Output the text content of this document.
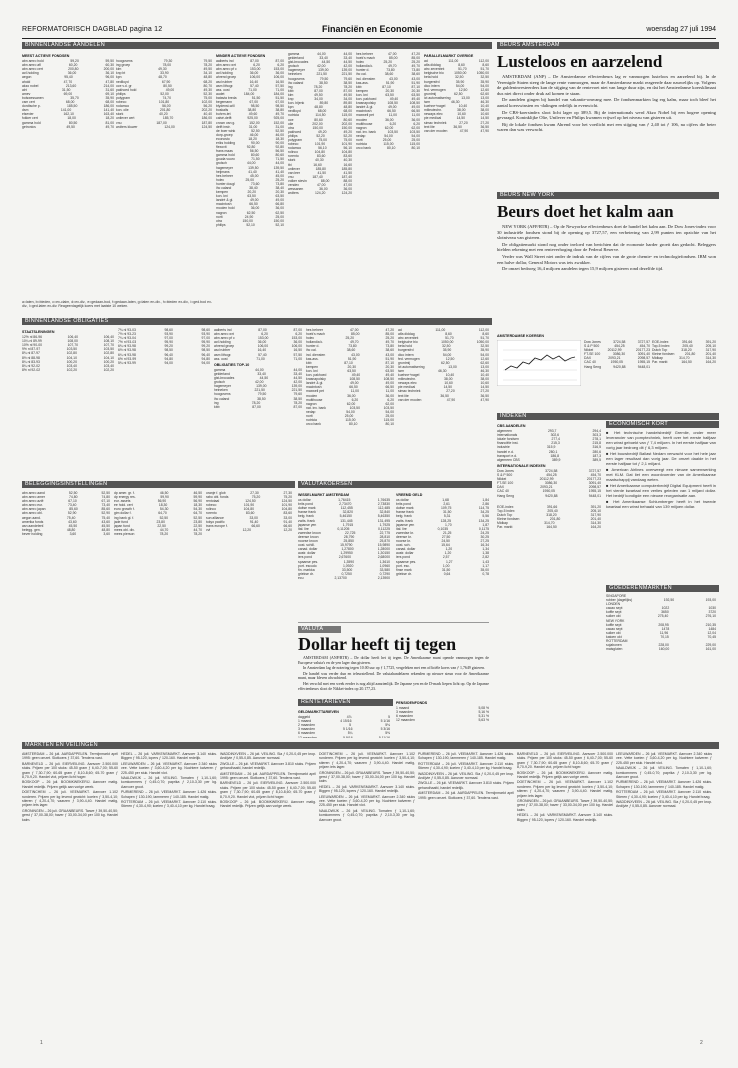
REFORMATORISCH DAGBLAD pagina 12	Financiën en Economie	woensdag 27 juli 1994
BINNENLANDSE AANDELEN
MEEST ACTIEVE FONDSEN
abn amro hold	59,20	59,50
abn amro afl	60,20	60,30
abn amro cert	200,80	200,00
acf-holding	36,00	36,10
aegon	95,40	96,00
ahold	47,70	47,80
akzo nobel	213,60	214,00
alrt	31,50	31,60
amev	69,00	69,10
bolswessanen	35,70	35,90
csm cert	68,00	68,00
dordtsche p.	185,50	186,00
dsm	141,00	141,40
elsevier	162,10	163,40
fokker cert	18,00	18,20
gamma hold	80,50	81,00
getronics	49,50	49,70

hoogovens	79,30	79,50
ing groep	78,00	78,20
klm	49,30	49,50
knp bt	33,90	34,10
kpn	48,70	48,80
nedlloyd	67,90	68,20
oce v.d. gr	80,50	80,70
pakhoed hold	49,00	49,30
philips	52,00	52,30
polygram	74,70	75,00
robeco	101,80	102,00
rodamco	56,00	56,20
kon. olie	201,80	202,20
stork	40,20	40,40
unilever cert	185,70	186,00
vnu	187,00	187,80
wolters kluwer	124,00	124,50
MINDER ACTIEVE FONDSEN
aalberts ind	87,00	87,00
abn amro wrt	6,20	6,20
abn amro pf c	153,00	153,00
acf-holding	36,00	36,00
ahrend groep	106,00	106,00
asd rubber	16,40	16,50
asm lithogr.	57,40	57,50
ass. oost	71,00	71,00
audet	184,00	184,00
batavia breda	51,50	51,50
begemann	67,00	67,00
blydenst-will	98,50	98,50
boskalis	38,80	38,80
buhrm-tet	49,60	49,70
calvé-delft	925,00	925,00
crown van g.	152,00	152,00
delft instr.	31,00	31,00
de boer wink	52,50	52,50
dorp-groep	46,00	46,00
econosto	18,20	18,30
eriks holding	90,00	90,00
flexovit	92,80	92,80
frans maas	56,50	56,50
gamma hold	80,60	80,60
gouda vuurv.	71,50	71,50
grolsch	44,00	44,00
hagemeyer	139,50	139,50
heijmans	41,40	41,40
hes beheer	45,00	45,00
holec	25,00	25,20
hunter dougl	73,60	73,80
ihc caland	38,40	38,40
kempen	20,20	20,30
kon. kni	63,50	63,50
landré & gl.	49,00	49,00
macintosh	66,50	66,80
moolen hold	36,00	36,00
nagron	62,50	62,50
norit	24,90	25,00
otra	150,00	150,00
philips	52,10	52,10
gamma	44,00	44,00
gelderland	33,40	33,40
gist-brocades	44,50	44,50
grolsch	42,00	42,00
hagemeyer	139,00	139,00
heineken	221,50	221,50
hoogovens	79,50	79,60
ihc caland	38,50	38,50
ing	78,20	78,20
kbb	87,00	87,00
klm	49,50	49,50
knp	34,00	34,00
kon. bijenk	89,80	89,80
kpn	48,80	48,80
nedlloyd	68,00	68,00
nutricia	114,50	115,00
oce	80,60	80,60
olie	202,00	202,00
otra	150,00	150,00
pakhoed	49,20	49,20
philips	52,20	52,20
polygram	75,00	75,00
robeco	101,90	101,90
rodamco	56,10	56,10
rolinco	104,80	104,80
rorento	83,60	83,60
stork	40,30	40,30
tbi	16,60	16,60
unilever	185,80	185,80
van leer	41,50	41,50
vnu	187,40	187,40
volker stevin	88,00	88,00
vendex	47,00	47,00
wessanen	36,00	36,00
wolters	124,20	124,20
hes beheer	47,00	47,20
hoek's mach	85,00	85,00
holec	25,20	25,20
hollandia k.	49,70	49,70
hunter d.	73,80	73,80
ihc cal.	38,60	38,60
ind. diensten	43,00	43,00
kas-ass.	51,90	51,90
kbb	87,10	87,10
kempen	20,30	20,30
kon. kni	63,50	63,50
kon. pakhoed	49,40	49,40
krasnapolsky	108,50	108,50
landré & gl.	49,00	49,00
macintosh	66,50	66,50
maxwell pet	11,00	11,00
moolen	36,00	36,00
multihouse	6,20	6,20
nagron	62,00	62,00
nat. inv. bank	103,50	103,50
nedap	54,00	54,00
norit	25,00	25,00
nutricia	115,00	115,00
orco bank	80,10	80,10
PARALLELMARKT OVERIGE
ad	111,00	112,00
alfa diddag	8,60	8,60
atrc zevenbnt	51,70	51,70
belgische bio	1050,00	1050,00
beta hold	32,50	32,50
burgersfrd	35,90	35,90
dico intern	54,00	54,00
fed. vermogen	12,50	12,60
grontmij	62,50	62,60
ict automatisering	13,00	13,00
iwm	46,30	46,30
kuehne+nagel	10,40	10,40
milieutechn.	38,00	38,00
neways elec	10,60	10,60
pie medical	14,50	14,50
simac techniek	27,20	27,20
text lite	36,50	36,50
van der moolen	47,90	47,90
a=laten, b=bieden, c=ex-claim, d=ex-div., e=gedaan-bod, f=gedaan-laten, g=laten en-div., h=bieden ex-div., i=ged.bod ex-div., l=ged.laten ex-div. Reageerdagelijk koers met laatste 10 weken.
BINNENLANDSE OBLIGATIES
STAATSLENINGEN
12% nl 86-96	106,40	106,40
10¼ nl 89-99	108,00	108,10
10% nl 90-00	107,70	107,70
9% nl 87-97	103,50	103,50
8¾ nl 87-97	102,80	102,80
8½ nl 88-98	104,10	104,10
8¼ nl 83-93	100,20	100,20
8¼ nl 92-02	103,40	103,40
8% nl 92-02	102,20	102,20
7¾ nl 93-03	98,60	98,60
7½ nl 93-23	93,90	93,90
7¼ nl 93-04	97,00	97,00
7% nl 93-03	95,90	95,90
6¾ nl 93-98	99,20	99,20
6½ nl 93-98	98,50	98,50
6¼ nl 93-98	96,40	96,40
6% nl 93-99	94,80	94,80
5¾ nl 93-99	94,00	94,00
aalberts ind	87,00	87,00
abn amro wrt	6,20	6,20
abn amro pf c	153,00	153,00
acf-holding	36,00	36,00
ahrend groep	106,00	106,00
asd rubber	16,40	16,50
asm lithogr.	57,40	57,50
ass. oost	71,00	71,00
OBLIGATIES TOP-10
gamma	44,00	44,00
gelderland	33,40	33,40
gist-brocades	44,50	44,50
grolsch	42,00	42,00
hagemeyer	139,00	139,00
heineken	221,50	221,50
hoogovens	79,50	79,60
ihc caland	38,50	38,50
ing	78,20	78,20
kbb	87,00	87,00
hes beheer	47,00	47,20
hoek's mach	85,00	85,00
holec	25,20	25,20
hollandia k.	49,70	49,70
hunter d.	73,80	73,80
ihc cal.	38,60	38,60
ind. diensten	43,00	43,00
kas-ass.	51,90	51,90
kbb	87,10	87,10
kempen	20,30	20,30
kon. kni	63,50	63,50
kon. pakhoed	49,40	49,40
krasnapolsky	108,50	108,50
landré & gl.	49,00	49,00
macintosh	66,50	66,50
maxwell pet	11,00	11,00
moolen	36,00	36,00
multihouse	6,20	6,20
nagron	62,00	62,00
nat. inv. bank	103,50	103,50
nedap	54,00	54,00
norit	25,00	25,00
nutricia	115,00	115,00
orco bank	80,10	80,10
ad	111,00	112,00
alfa diddag	8,60	8,60
atrc zevenbnt	51,70	51,70
belgische bio	1050,00	1050,00
beta hold	32,50	32,50
burgersfrd	35,90	35,90
dico intern	54,00	54,00
fed. vermogen	12,50	12,60
grontmij	62,50	62,60
ict automatisering	13,00	13,00
iwm	46,30	46,30
kuehne+nagel	10,40	10,40
milieutechn.	38,00	38,00
neways elec	10,60	10,60
pie medical	14,50	14,50
simac techniek	27,20	27,20
text lite	36,50	36,50
van der moolen	47,90	47,90
BELEGGINGSINSTELLINGEN
abn amro aand	52,50	52,50
abn amro amer	74,80	74,80
abn amro azië	67,10	67,10
abn amro eur.	73,40	73,40
abn amro japan	85,60	85,60
abn amro obl.	52,90	52,90
aegon aand.	75,40	75,40
amerika fonds	43,60	43,60
asn aandelenf.	45,50	45,50
belegg. gen.	48,80	48,80
bever holding	3,60	3,60
dp amer. gr. f.	46,50	46,50
dp energy res.	59,90	59,90
eur. assets	56,90	56,90
ee hold. cert	18,30	18,30
euro growth f.	54,30	54,30
gim dollar f.	64,70	64,70
ing bank gl. f.	52,50	52,50
jade fund	23,80	23,80
japan fund	22,50	22,50
mees obl. div.	44,70	44,70
mees pierson	78,20	78,20
oranje f. glob	27,30	27,30
rabo obl. fonds	75,20	75,20
rentotaal	124,50	124,50
robeco	101,90	101,90
rolinco	104,80	104,80
rorento	83,60	83,60
sun alliance	33,00	33,00
tokyo pacific	91,40	91,40
trans europe f.	66,60	66,60
vvl	12,20	12,20
VALUTAKOERSEN
WISSELMARKT AMSTERDAM
us dollar	1,76415	1,76635
brits pond	2,73470	2,73830
duitse mark	112,455	112,485
franse frank	32,820	32,840
belg. frank	5,46150	5,46350
zwits. frank	131,445	131,495
japanse yen	1,7915	1,7925
ital. lire	0,11205	0,11225
zweedse kroon	22,725	22,775
deense kroon	28,790	28,810
noorse kroon	25,850	25,870
oost. schill.	15,9790	15,9890
canad. dollar	1,27800	1,28000
austr. dollar	1,29950	1,30150
iers pond	2,67600	2,68000
spaanse pes.	1,3590	1,3610
port. escudo	1,0920	1,0960
fin. markka	33,500	33,580
griekse dr.	0,7250	0,7290
ecu	2,13700	2,13900
VREEMD GELD
us dollar	1,68	1,84
brits pond	2,61	2,86
duitse mark	109,75	114,75
franse frank	31,50	34,25
belg. frank	5,31	5,56
zwits. frank	128,25	134,25
japanse yen	1,70	1,87
ital. lire	0,1035	0,1175
zweedse kr.	21,25	24,25
deense kr.	27,50	30,25
noorse kr.	24,50	27,25
oost. sch.	15,64	16,34
canad. dollar	1,20	1,34
austr. dollar	1,20	1,38
iers pond	2,57	2,82
spaanse pes.	1,27	1,43
port. esc.	1,00	1,17
finse mark	31,50	35,00
griekse dr.	0,64	0,78
VALUTA
Dollar heeft tij tegen

AMSTERDAM (ANP/RTR) – De dollar heeft het tij tegen. De Amerikaanse munt opende vanmorgen tegen de Europese valuta's en de yen lager dan gisteren.

In Amsterdam lag de notering tegen 10.00 uur op ƒ 1,7725, vergeleken met een officiële koers van ƒ 1,7649 gisteren.

De handel was verder dun en teleurstellend. De valutahandelaren rekenden op nieuwe steun voor de Amerikaanse munt, maar bleven afwachtend.

Het verschil met een week eerder is nog altijd aanzienlijk. De Japanse yen en de D-mark liepen licht op. Op de Japanse effectenbeurs sloot de Nikkei-index op 20.177,23.

RENTETARIEVEN
GELDMARKTTARIEVEN
daggeld	4⅞	5
1 maand	4 15/16	5 1/16
2 maanden	5	5⅛
3 maanden	5 1/16	5 3/16
6 maanden	5¼	5⅜
12 maanden	5 9/16	5 11/16
PENSIOENFONDS
1 maand	5,08 %
3 maanden	5,16 %
6 maanden	5,31 %
12 maanden	5,63 %
BEURS AMSTERDAM
Lusteloos en aarzelend

AMSTERDAM (ANP) – De Amsterdamse effectenbeurs lag er vanmorgen lusteloos en aarzelend bij. In de Verenigde Staten steeg de lange rente vanmorgen, maar de Amsterdamse markt reageerde daar nauwelijks op. Volgens de guldeninvesteerders kan de stijging van de rentevoet niet van lange duur zijn, en dat het Amsterdamse koersklimaat dus niet direct onder druk zal komen te staan.

De aandelen gingen bij handel van vakantie-omvang mee. De fondsenmarkten lag erg kalm, maar toch bleef het aantal koerswinsten en -dalingen redelijk in evenwicht.

De CBS-koersindex sloot licht lager op 389,5. Bij de internationals werd Akzo Nobel bij een hogere opening gevraagd. Koninklijke Olie, Unilever en Philips kwamen vrijwel op het niveau van gisteren uit.

Bij de lokale fondsen kwam Ahrend voor het voetlicht met een stijging van ƒ 2,40 tot ƒ 106, na cijfers die beter waren dan was verwacht.

BEURS NEW YORK
Beurs doet het kalm aan

NEW YORK (AFP/RTR) – Op de Newyorkse effectenbeurs doet de handel het kalm aan. De Dow Jones-index voor 30 industriële fondsen stond bij de opening op 3727,57, een verbetering van 2,99 punten ten opzichte van het slotniveau van gisteren.

De obligatiemarkt stond nog onder invloed van berichten dat de economie harder groeit dan gedacht. Beleggers hielden rekening met een renteverhoging door de Federal Reserve.

Verder was Wall Street niet onder de indruk van de cijfers van de grote chemie- en technologiefondsen. IBM won een halve dollar, General Motors was iets zwakker.

De omzet bedroeg 16,4 miljoen aandelen tegen 15,9 miljoen gisteren rond dezelfde tijd.

AMSTERDAMSE KOERSEN
Dow Jones	3724,58	3727,57
S & P 500	454,25	454,70
Nikkei	20112,99	20177,23
FT-SE 100	3086,30	3091,40
DAX	2093,21	2098,57
CAC 40	1950,05	1955,15
Hang Seng	9420,88	9448,01
EOE-index	391,66	391,20
Top-5 index	205,40	205,10
Dutch Top	318,20	317,90
Kleine fondsen	201,80	201,40
Midkap	314,70	314,30
Par. markt	164,50	164,20
INDEXEN
CBS AANDELEN
algemeen	293,7	294,4
internationals	302,6	303,3
lokale fondsen	277,4	278,1
financiële inst.	215,3	215,8
industrie	315,9	316,5
handel e.d.	280,1	280,6
transport e.d.	186,8	187,3
algemeen CBS	389,9	389,5
INTERNATIONALE INDEXEN
Dow Jones	3724,58	3727,57
S & P 500	454,25	454,70
Nikkei	20112,99	20177,23
FT-SE 100	3086,30	3091,40
DAX	2093,21	2098,57
CAC 40	1950,05	1955,15
Hang Seng	9420,88	9448,01

EOE-index	391,66	391,20
Top-5 index	205,40	205,10
Dutch Top	318,20	317,90
Kleine fondsen	201,80	201,40
Midkap	314,70	314,30
Par. markt	164,50	164,20
ECONOMISCH KORT

■ Het technische handelsbedrijf Gremlie, onder meer leverancier van pomptechniek, heeft over het eerste halfjaar een winst geboekt van ƒ 7,4 miljoen. In het eerste halfjaar van vorig jaar bedroeg dit ƒ 6,3 miljoen.

■ Het bouwbedrijf Ballast Nedam verwacht voor het hele jaar een lager resultaat dan vorig jaar. De omzet daalde in het eerste halfjaar tot ƒ 2,1 miljard.

■ American Airlines overweegt een nieuwe samenwerking met KLM. Dat liet een woordvoerder van de Amerikaanse maatschappij vandaag weten.

■ Het Amerikaanse computerbedrijf Digital Equipment heeft in het vierde kwartaal een verlies geleden van 1 miljard dollar. Het bedrijf kondigde een nieuwe reorganisatie aan.

■ Het Amerikaanse Schlumberger heeft in het tweede kwartaal een winst behaald van 139 miljoen dollar.

GOEDERENMARKTEN
SINGAPORE
rubber (dagelijks)	192,50	193,00
LONDEN
cacao sept	1022	1030
koffie sept	3650	3720
suiker okt	275,40	276,10
NEW YORK
koffie sept	208,95	210,35
cacao sept	1478	1484
suiker okt	11,96	12,04
katoen okt	70,15	70,45
ROTTERDAM
sojabonen	228,00	229,00
maisgluten	160,00	161,00
MARKTEN EN VEILINGEN

AMSTERDAM – 26 juli. AARDAPPELEN. Termijnmarkt april 1995: geen omzet. Slotkoers ƒ 37,60. Tendens vast.

BARNEVELD – 26 juli. EIERVEILING. Aanvoer 2.500.000 stuks. Prijzen per 100 stuks: 45-50 gram ƒ 6,40-7,00; 55-60 gram ƒ 7,30-7,90; 60-65 gram ƒ 8,10-8,60; 65-70 gram ƒ 8,70-9,20. Handel vlot, prijzen licht hoger.

BOSKOOP – 26 juli. BOOMKWEKERIJ. Aanvoer matig. Handel redelijk. Prijzen gelijk aan vorige week.

DOETINCHEM – 26 juli. VEEMARKT. Aanvoer 1.102 runderen. Prijzen per kg levend gewicht: koeien ƒ 3,50-4,10; stieren ƒ 4,20-4,70; vaarzen ƒ 3,90-4,40. Handel matig, prijzen iets lager.

GRONINGEN – 26 juli. GRAANBEURS. Tarwe ƒ 39,50-40,50; gerst ƒ 37,00-38,00; haver ƒ 33,00-34,00 per 100 kg. Handel kalm.

HEDEL – 26 juli. VARKENSMARKT. Aanvoer 3.140 stuks. Biggen ƒ 95-120, lopers ƒ 120-160. Handel redelijk.

LEEUWARDEN – 26 juli. VEEMARKT. Aanvoer 2.340 stuks vee. Vette koeien ƒ 3,60-4,20 per kg. Nuchtere kalveren ƒ 225-450 per stuk. Handel vlot.

NAALDWIJK – 26 juli. VEILING. Tomaten ƒ 1,10-1,60; komkommers ƒ 0,45-0,70; paprika ƒ 2,10-3,30 per kg. Aanvoer groot.

PURMEREND – 26 juli. VEEMARKT. Aanvoer 1.426 stuks. Schapen ƒ 130-190, lammeren ƒ 140-185. Handel matig.

ROTTERDAM – 26 juli. VEEMARKT. Aanvoer 2.110 stuks. Stieren ƒ 4,30-4,90; koeien ƒ 3,40-4,10 per kg. Handel traag.

WADDINXVEEN – 26 juli. VEILING. Sla ƒ 0,20-0,45 per krop. Andijvie ƒ 0,55-0,85. Aanvoer normaal.

ZWOLLE – 26 juli. VEEMARKT. Aanvoer 3.810 stuks. Prijzen gehandhaafd, handel redelijk.

AMSTERDAM – 26 juli. AARDAPPELEN. Termijnmarkt april 1995: geen omzet. Slotkoers ƒ 37,60. Tendens vast.

BARNEVELD – 26 juli. EIERVEILING. Aanvoer 2.500.000 stuks. Prijzen per 100 stuks: 45-50 gram ƒ 6,40-7,00; 55-60 gram ƒ 7,30-7,90; 60-65 gram ƒ 8,10-8,60; 65-70 gram ƒ 8,70-9,20. Handel vlot, prijzen licht hoger.

BOSKOOP – 26 juli. BOOMKWEKERIJ. Aanvoer matig. Handel redelijk. Prijzen gelijk aan vorige week.

DOETINCHEM – 26 juli. VEEMARKT. Aanvoer 1.102 runderen. Prijzen per kg levend gewicht: koeien ƒ 3,50-4,10; stieren ƒ 4,20-4,70; vaarzen ƒ 3,90-4,40. Handel matig, prijzen iets lager.

GRONINGEN – 26 juli. GRAANBEURS. Tarwe ƒ 39,50-40,50; gerst ƒ 37,00-38,00; haver ƒ 33,00-34,00 per 100 kg. Handel kalm.

HEDEL – 26 juli. VARKENSMARKT. Aanvoer 3.140 stuks. Biggen ƒ 95-120, lopers ƒ 120-160. Handel redelijk.

LEEUWARDEN – 26 juli. VEEMARKT. Aanvoer 2.340 stuks vee. Vette koeien ƒ 3,60-4,20 per kg. Nuchtere kalveren ƒ 225-450 per stuk. Handel vlot.

NAALDWIJK – 26 juli. VEILING. Tomaten ƒ 1,10-1,60; komkommers ƒ 0,45-0,70; paprika ƒ 2,10-3,30 per kg. Aanvoer groot.

PURMEREND – 26 juli. VEEMARKT. Aanvoer 1.426 stuks. Schapen ƒ 130-190, lammeren ƒ 140-185. Handel matig.

ROTTERDAM – 26 juli. VEEMARKT. Aanvoer 2.110 stuks. Stieren ƒ 4,30-4,90; koeien ƒ 3,40-4,10 per kg. Handel traag.

WADDINXVEEN – 26 juli. VEILING. Sla ƒ 0,20-0,45 per krop. Andijvie ƒ 0,55-0,85. Aanvoer normaal.

ZWOLLE – 26 juli. VEEMARKT. Aanvoer 3.810 stuks. Prijzen gehandhaafd, handel redelijk.

AMSTERDAM – 26 juli. AARDAPPELEN. Termijnmarkt april 1995: geen omzet. Slotkoers ƒ 37,60. Tendens vast.

BARNEVELD – 26 juli. EIERVEILING. Aanvoer 2.500.000 stuks. Prijzen per 100 stuks: 45-50 gram ƒ 6,40-7,00; 55-60 gram ƒ 7,30-7,90; 60-65 gram ƒ 8,10-8,60; 65-70 gram ƒ 8,70-9,20. Handel vlot, prijzen licht hoger.

BOSKOOP – 26 juli. BOOMKWEKERIJ. Aanvoer matig. Handel redelijk. Prijzen gelijk aan vorige week.

DOETINCHEM – 26 juli. VEEMARKT. Aanvoer 1.102 runderen. Prijzen per kg levend gewicht: koeien ƒ 3,50-4,10; stieren ƒ 4,20-4,70; vaarzen ƒ 3,90-4,40. Handel matig, prijzen iets lager.

GRONINGEN – 26 juli. GRAANBEURS. Tarwe ƒ 39,50-40,50; gerst ƒ 37,00-38,00; haver ƒ 33,00-34,00 per 100 kg. Handel kalm.

HEDEL – 26 juli. VARKENSMARKT. Aanvoer 3.140 stuks. Biggen ƒ 95-120, lopers ƒ 120-160. Handel redelijk.

LEEUWARDEN – 26 juli. VEEMARKT. Aanvoer 2.340 stuks vee. Vette koeien ƒ 3,60-4,20 per kg. Nuchtere kalveren ƒ 225-450 per stuk. Handel vlot.

NAALDWIJK – 26 juli. VEILING. Tomaten ƒ 1,10-1,60; komkommers ƒ 0,45-0,70; paprika ƒ 2,10-3,30 per kg. Aanvoer groot.

PURMEREND – 26 juli. VEEMARKT. Aanvoer 1.426 stuks. Schapen ƒ 130-190, lammeren ƒ 140-185. Handel matig.

ROTTERDAM – 26 juli. VEEMARKT. Aanvoer 2.110 stuks. Stieren ƒ 4,30-4,90; koeien ƒ 3,40-4,10 per kg. Handel traag.

WADDINXVEEN – 26 juli. VEILING. Sla ƒ 0,20-0,45 per krop. Andijvie ƒ 0,55-0,85. Aanvoer normaal.

1	2
